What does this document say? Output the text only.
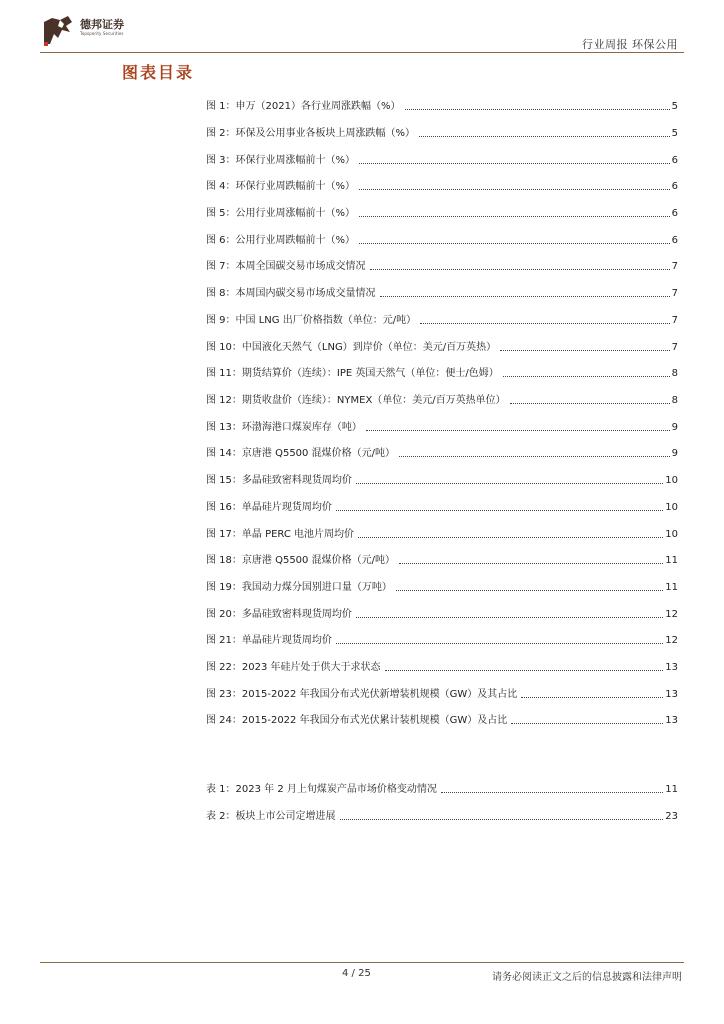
德邦证券
Topsperity Securities
行业周报 环保公用
图表目录
图 1：申万（2021）各行业周涨跌幅（%）	5
图 2：环保及公用事业各板块上周涨跌幅（%）	5
图 3：环保行业周涨幅前十（%）	6
图 4：环保行业周跌幅前十（%）	6
图 5：公用行业周涨幅前十（%）	6
图 6：公用行业周跌幅前十（%）	6
图 7：本周全国碳交易市场成交情况	7
图 8：本周国内碳交易市场成交量情况	7
图 9：中国 LNG 出厂价格指数（单位：元/吨）	7
图 10：中国液化天然气（LNG）到岸价（单位：美元/百万英热）	7
图 11：期货结算价（连续）：IPE 英国天然气（单位：便士/色姆）	8
图 12：期货收盘价（连续）：NYMEX（单位：美元/百万英热单位）	8
图 13：环渤海港口煤炭库存（吨）	9
图 14：京唐港 Q5500 混煤价格（元/吨）	9
图 15：多晶硅致密料现货周均价	10
图 16：单晶硅片现货周均价	10
图 17：单晶 PERC 电池片周均价	10
图 18：京唐港 Q5500 混煤价格（元/吨）	11
图 19：我国动力煤分国别进口量（万吨）	11
图 20：多晶硅致密料现货周均价	12
图 21：单晶硅片现货周均价	12
图 22：2023 年硅片处于供大于求状态	13
图 23：2015-2022 年我国分布式光伏新增装机规模（GW）及其占比	13
图 24：2015-2022 年我国分布式光伏累计装机规模（GW）及占比	13
表 1：2023 年 2 月上旬煤炭产品市场价格变动情况	11
表 2：板块上市公司定增进展	23
4 / 25	请务必阅读正文之后的信息披露和法律声明
